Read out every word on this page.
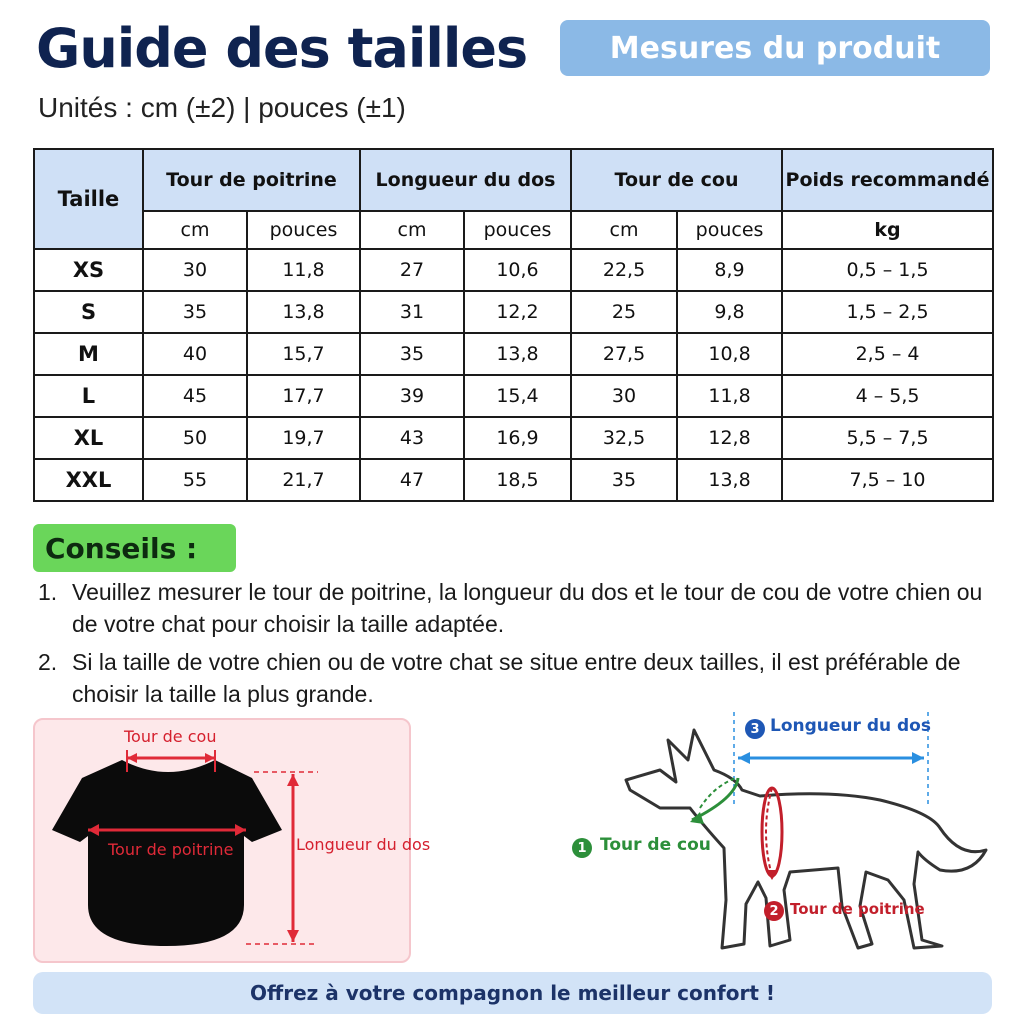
Guide des tailles	Mesures du produit
Unités : cm (±2) | pouces (±1)
Taille	Tour de poitrine		Longueur du dos		Tour de cou		Poids recommandé
	cm	pouces	cm	pouces	cm	pouces	kg
XS	30	11,8	27	10,6	22,5	8,9	0,5 – 1,5
S	35	13,8	31	12,2	25	9,8	1,5 – 2,5
M	40	15,7	35	13,8	27,5	10,8	2,5 – 4
L	45	17,7	39	15,4	30	11,8	4 – 5,5
XL	50	19,7	43	16,9	32,5	12,8	5,5 – 7,5
XXL	55	21,7	47	18,5	35	13,8	7,5 – 10
Conseils :
1. Veuillez mesurer le tour de poitrine, la longueur du dos et le tour de cou de votre chien ou de votre chat pour choisir la taille adaptée.
2. Si la taille de votre chien ou de votre chat se situe entre deux tailles, il est préférable de choisir la taille la plus grande.
Tour de cou
Tour de poitrine	Longueur du dos
3 Longueur du dos
1 Tour de cou
2 Tour de poitrine
Offrez à votre compagnon le meilleur confort !
